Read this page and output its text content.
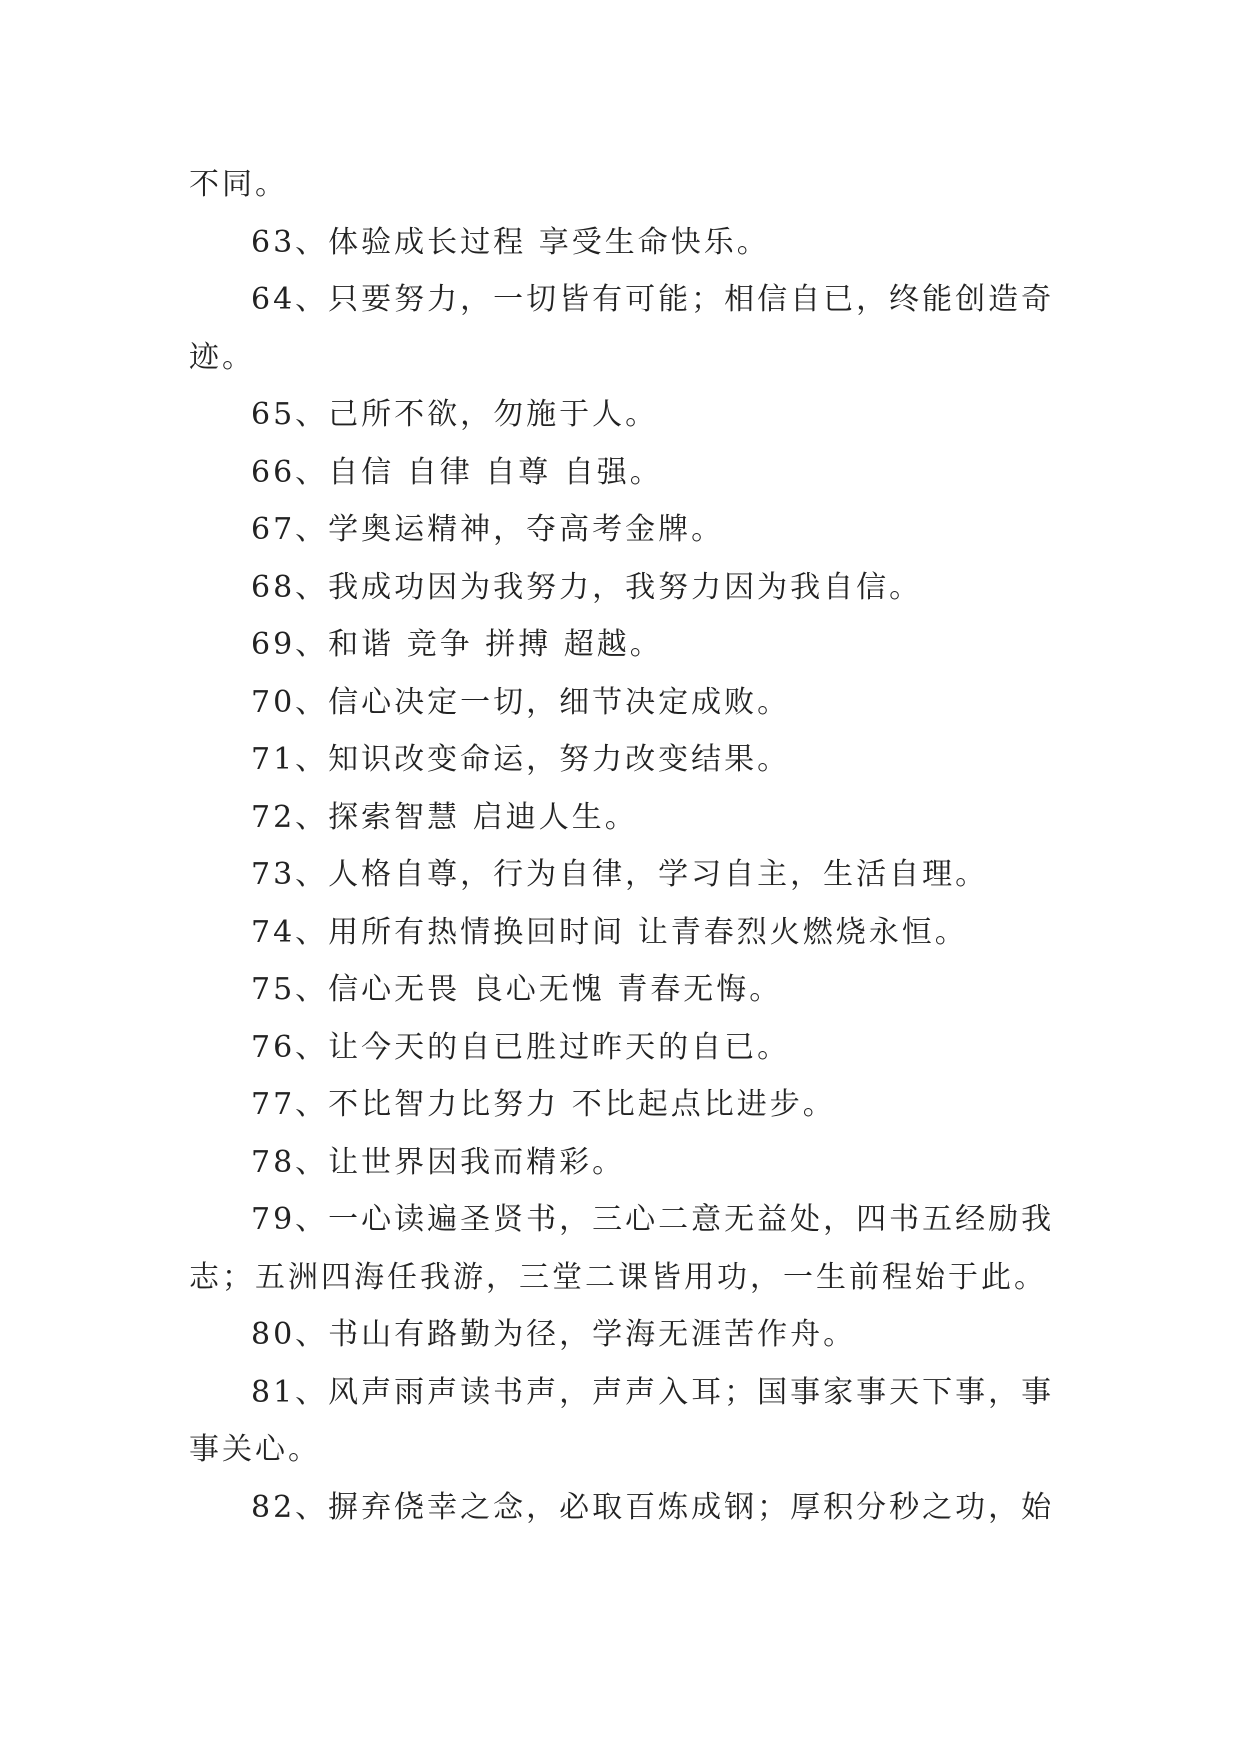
不同。

63、体验成长过程 享受生命快乐。

64、只要努力，一切皆有可能；相信自已，终能创造奇迹。

65、己所不欲，勿施于人。

66、自信 自律 自尊 自强。

67、学奥运精神，夺高考金牌。

68、我成功因为我努力，我努力因为我自信。

69、和谐 竞争 拼搏 超越。

70、信心决定一切，细节决定成败。

71、知识改变命运，努力改变结果。

72、探索智慧 启迪人生。

73、人格自尊，行为自律，学习自主，生活自理。

74、用所有热情换回时间 让青春烈火燃烧永恒。

75、信心无畏 良心无愧 青春无悔。

76、让今天的自已胜过昨天的自已。

77、不比智力比努力 不比起点比进步。

78、让世界因我而精彩。

79、一心读遍圣贤书，三心二意无益处，四书五经励我志；五洲四海任我游，三堂二课皆用功，一生前程始于此。

80、书山有路勤为径，学海无涯苦作舟。

81、风声雨声读书声，声声入耳；国事家事天下事，事事关心。

82、摒弃侥幸之念，必取百炼成钢；厚积分秒之功，始
